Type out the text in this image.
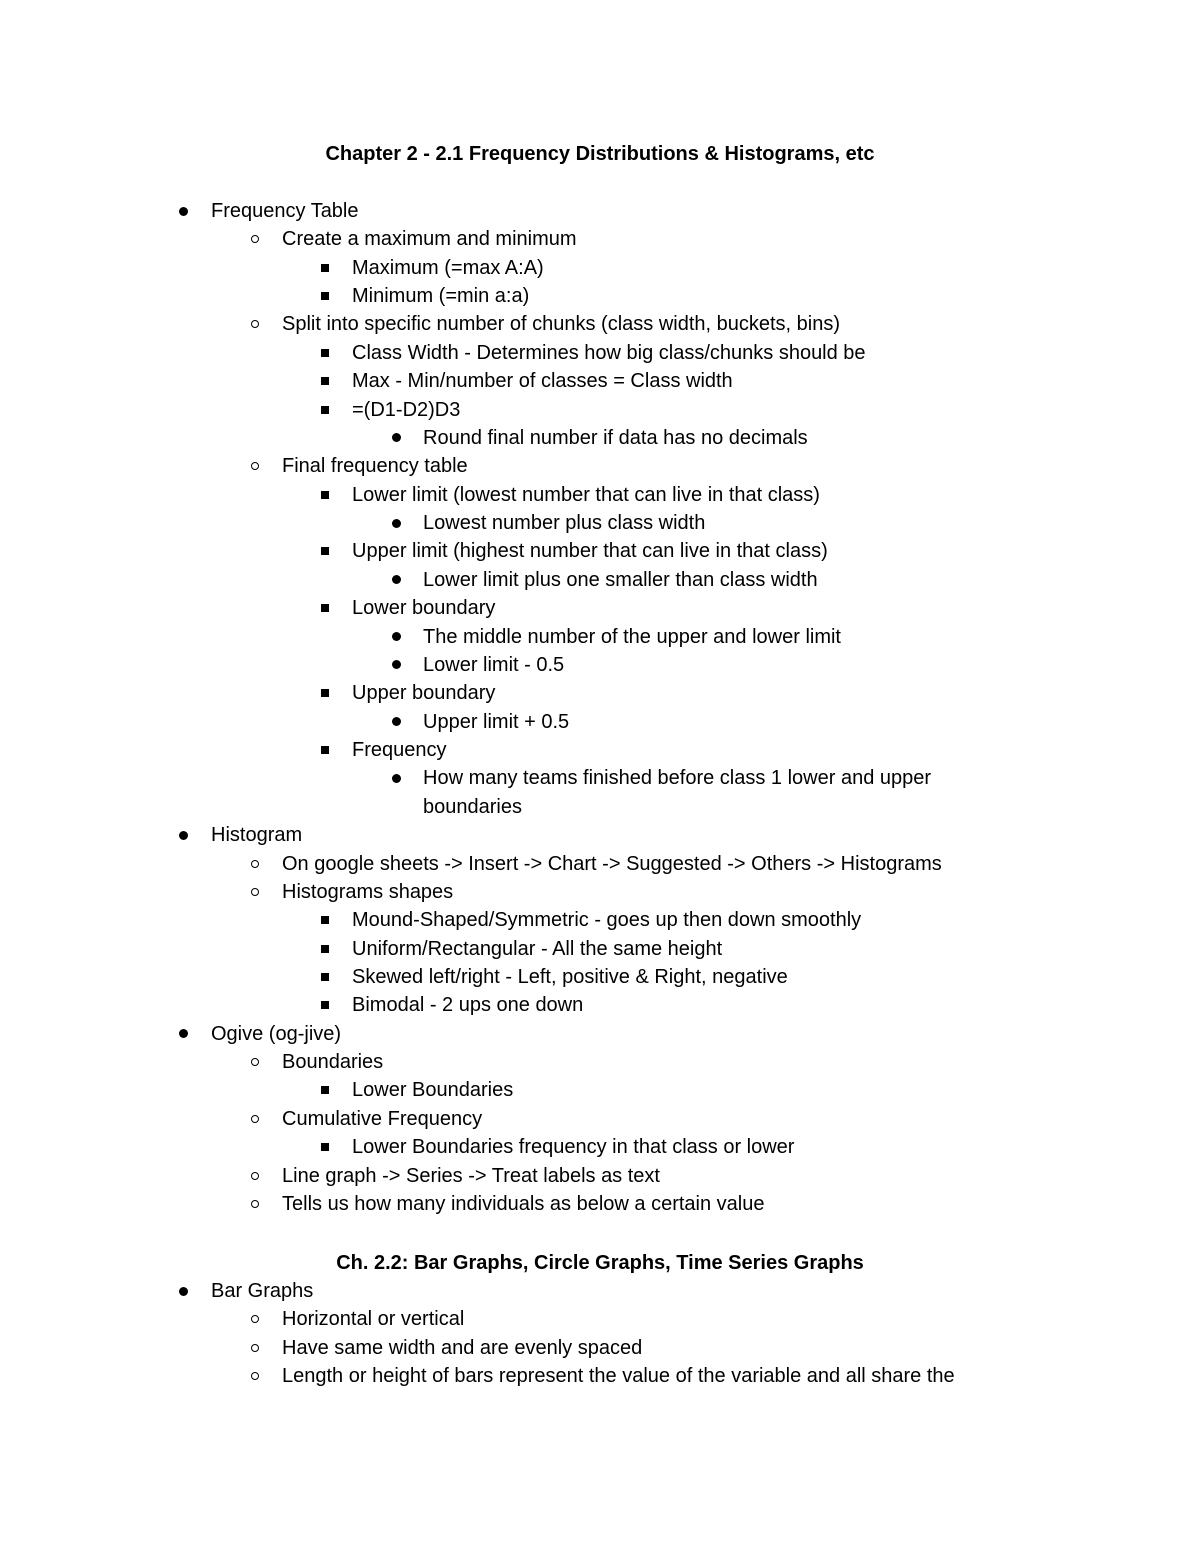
Chapter 2 - 2.1 Frequency Distributions & Histograms, etc
Frequency Table
Create a maximum and minimum
Maximum (=max A:A)
Minimum (=min a:a)
Split into specific number of chunks (class width, buckets, bins)
Class Width - Determines how big class/chunks should be
Max - Min/number of classes = Class width
=(D1-D2)D3
Round final number if data has no decimals
Final frequency table
Lower limit (lowest number that can live in that class)
Lowest number plus class width
Upper limit (highest number that can live in that class)
Lower limit plus one smaller than class width
Lower boundary
The middle number of the upper and lower limit
Lower limit - 0.5
Upper boundary
Upper limit + 0.5
Frequency
How many teams finished before class 1 lower and upper
boundaries
Histogram
On google sheets -> Insert -> Chart -> Suggested -> Others -> Histograms
Histograms shapes
Mound-Shaped/Symmetric - goes up then down smoothly
Uniform/Rectangular - All the same height
Skewed left/right - Left, positive & Right, negative
Bimodal - 2 ups one down
Ogive (og-jive)
Boundaries
Lower Boundaries
Cumulative Frequency
Lower Boundaries frequency in that class or lower
Line graph -> Series -> Treat labels as text
Tells us how many individuals as below a certain value
Ch. 2.2: Bar Graphs, Circle Graphs, Time Series Graphs
Bar Graphs
Horizontal or vertical
Have same width and are evenly spaced
Length or height of bars represent the value of the variable and all share the
